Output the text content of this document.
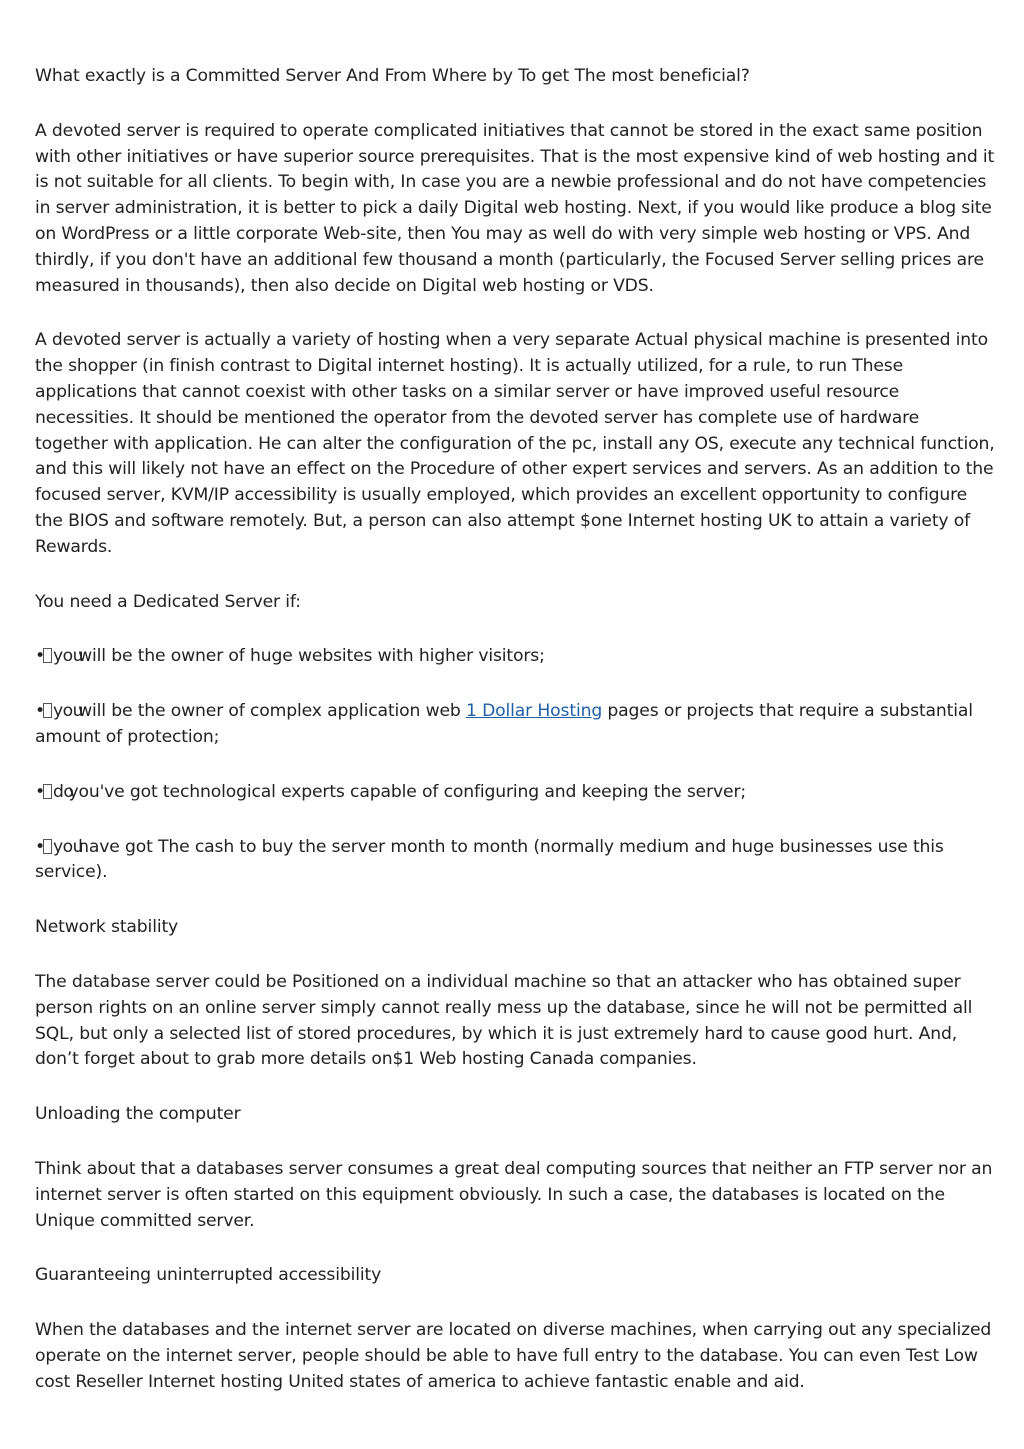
What exactly is a Committed Server And From Where by To get The most beneficial?

A devoted server is required to operate complicated initiatives that cannot be stored in the exact same position with other initiatives or have superior source prerequisites. That is the most expensive kind of web hosting and it is not suitable for all clients. To begin with, In case you are a newbie professional and do not have competencies in server administration, it is better to pick a daily Digital web hosting. Next, if you would like produce a blog site on WordPress or a little corporate Web-site, then You may as well do with very simple web hosting or VPS. And thirdly, if you don't have an additional few thousand a month (particularly, the Focused Server selling prices are measured in thousands), then also decide on Digital web hosting or VDS.

A devoted server is actually a variety of hosting when a very separate Actual physical machine is presented into the shopper (in finish contrast to Digital internet hosting). It is actually utilized, for a rule, to run These applications that cannot coexist with other tasks on a similar server or have improved useful resource necessities. It should be mentioned the operator from the devoted server has complete use of hardware together with application. He can alter the configuration of the pc, install any OS, execute any technical function, and this will likely not have an effect on the Procedure of other expert services and servers. As an addition to the focused server, KVM/IP accessibility is usually employed, which provides an excellent opportunity to configure the BIOS and software remotely. But, a person can also attempt $one Internet hosting UK to attain a variety of Rewards.

You need a Dedicated Server if:

• youwill be the owner of huge websites with higher visitors;

• youwill be the owner of complex application web 1 Dollar Hosting pages or projects that require a substantial amount of protection;

• doyou've got technological experts capable of configuring and keeping the server;

• youhave got The cash to buy the server month to month (normally medium and huge businesses use this service).

Network stability

The database server could be Positioned on a individual machine so that an attacker who has obtained super person rights on an online server simply cannot really mess up the database, since he will not be permitted all SQL, but only a selected list of stored procedures, by which it is just extremely hard to cause good hurt. And, don’t forget about to grab more details on$1 Web hosting Canada companies.

Unloading the computer

Think about that a databases server consumes a great deal computing sources that neither an FTP server nor an internet server is often started on this equipment obviously. In such a case, the databases is located on the Unique committed server.

Guaranteeing uninterrupted accessibility

When the databases and the internet server are located on diverse machines, when carrying out any specialized operate on the internet server, people should be able to have full entry to the database. You can even Test Low cost Reseller Internet hosting United states of america to achieve fantastic enable and aid.
